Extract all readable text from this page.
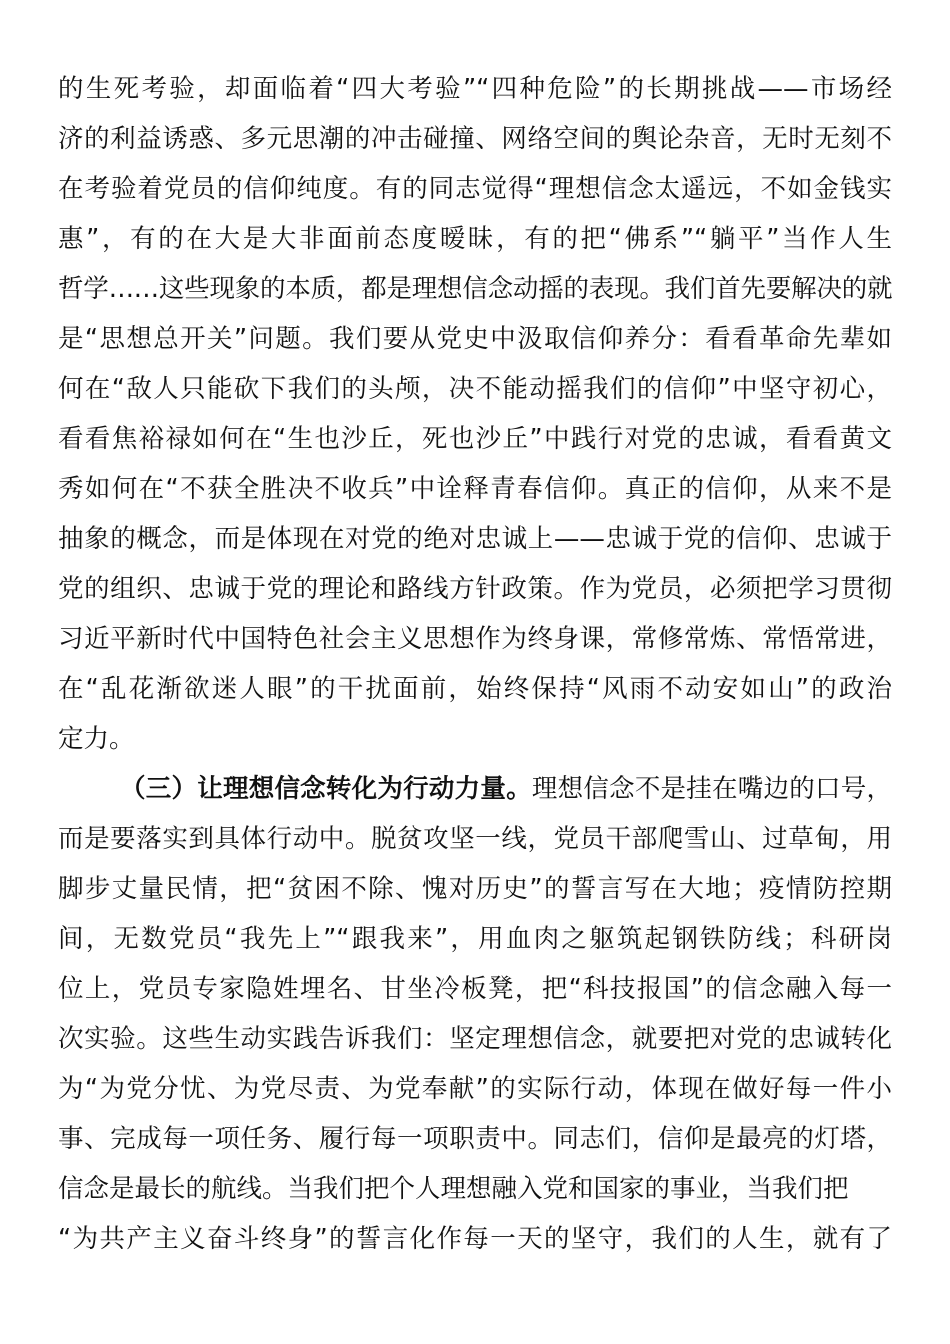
的生死考验，却面临着“四大考验”“四种危险”的长期挑战——市场经
济的利益诱惑、多元思潮的冲击碰撞、网络空间的舆论杂音，无时无刻不
在考验着党员的信仰纯度。有的同志觉得“理想信念太遥远，不如金钱实
惠”，有的在大是大非面前态度暧昧，有的把“佛系”“躺平”当作人生
哲学……这些现象的本质，都是理想信念动摇的表现。我们首先要解决的就
是“思想总开关”问题。我们要从党史中汲取信仰养分：看看革命先辈如
何在“敌人只能砍下我们的头颅，决不能动摇我们的信仰”中坚守初心，
看看焦裕禄如何在“生也沙丘，死也沙丘”中践行对党的忠诚，看看黄文
秀如何在“不获全胜决不收兵”中诠释青春信仰。真正的信仰，从来不是
抽象的概念，而是体现在对党的绝对忠诚上——忠诚于党的信仰、忠诚于
党的组织、忠诚于党的理论和路线方针政策。作为党员，必须把学习贯彻
习近平新时代中国特色社会主义思想作为终身课，常修常炼、常悟常进，
在“乱花渐欲迷人眼”的干扰面前，始终保持“风雨不动安如山”的政治
定力。
（三）让理想信念转化为行动力量。理想信念不是挂在嘴边的口号，
而是要落实到具体行动中。脱贫攻坚一线，党员干部爬雪山、过草甸，用
脚步丈量民情，把“贫困不除、愧对历史”的誓言写在大地；疫情防控期
间，无数党员“我先上”“跟我来”，用血肉之躯筑起钢铁防线；科研岗
位上，党员专家隐姓埋名、甘坐冷板凳，把“科技报国”的信念融入每一
次实验。这些生动实践告诉我们：坚定理想信念，就要把对党的忠诚转化
为“为党分忧、为党尽责、为党奉献”的实际行动，体现在做好每一件小
事、完成每一项任务、履行每一项职责中。同志们，信仰是最亮的灯塔，
信念是最长的航线。当我们把个人理想融入党和国家的事业，当我们把
“为共产主义奋斗终身”的誓言化作每一天的坚守，我们的人生，就有了
